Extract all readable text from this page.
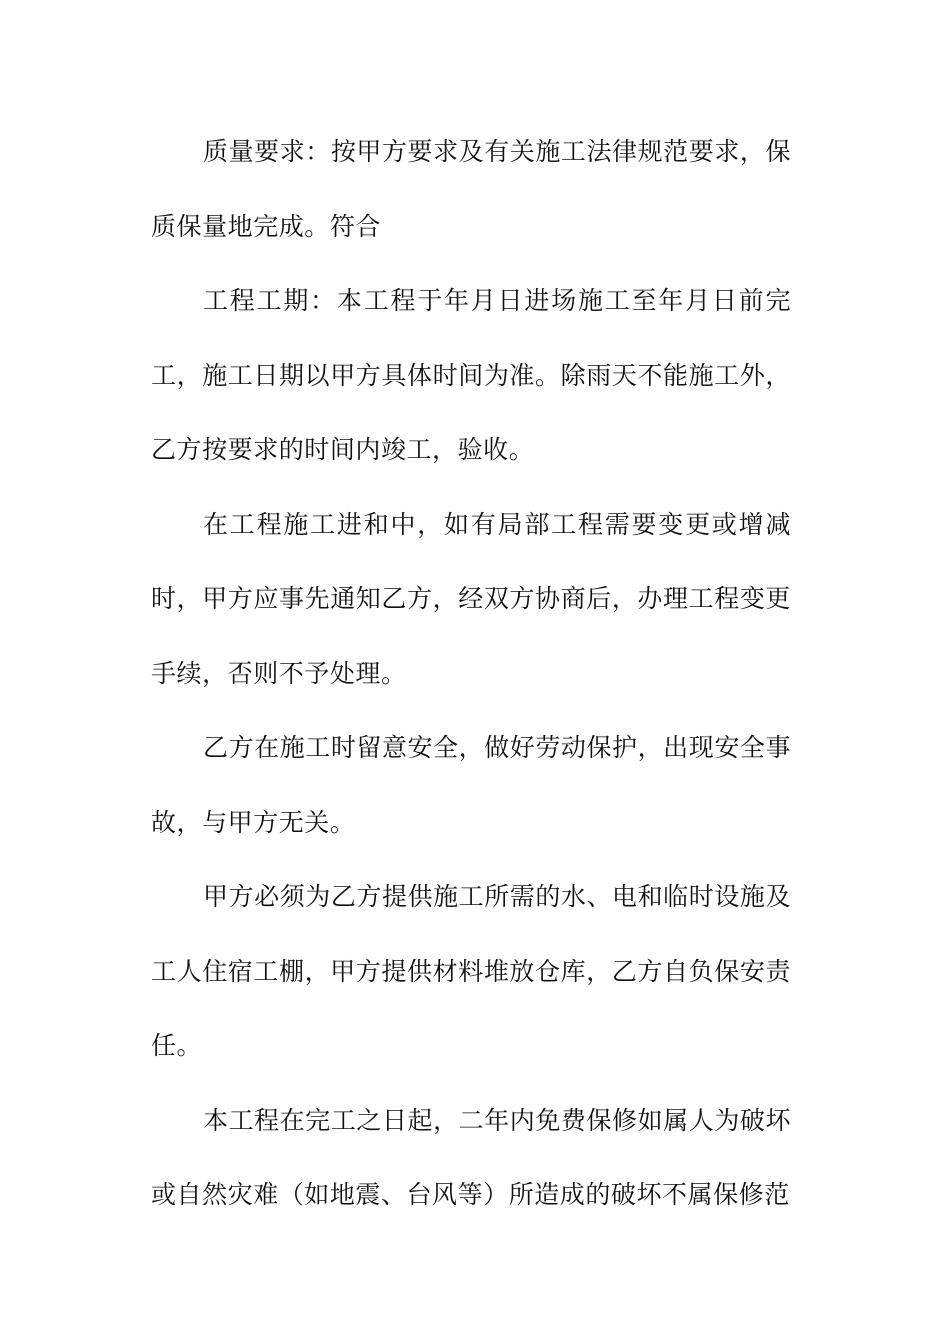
质量要求：按甲方要求及有关施工法律规范要求，保质保量地完成。符合

工程工期：本工程于年月日进场施工至年月日前完工，施工日期以甲方具体时间为准。除雨天不能施工外，乙方按要求的时间内竣工，验收。

在工程施工进和中，如有局部工程需要变更或增减时，甲方应事先通知乙方，经双方协商后，办理工程变更手续，否则不予处理。

乙方在施工时留意安全，做好劳动保护，出现安全事故，与甲方无关。

甲方必须为乙方提供施工所需的水、电和临时设施及工人住宿工棚，甲方提供材料堆放仓库，乙方自负保安责任。

本工程在完工之日起，二年内免费保修如属人为破坏或自然灾难（如地震、台风等）所造成的破坏不属保修范
